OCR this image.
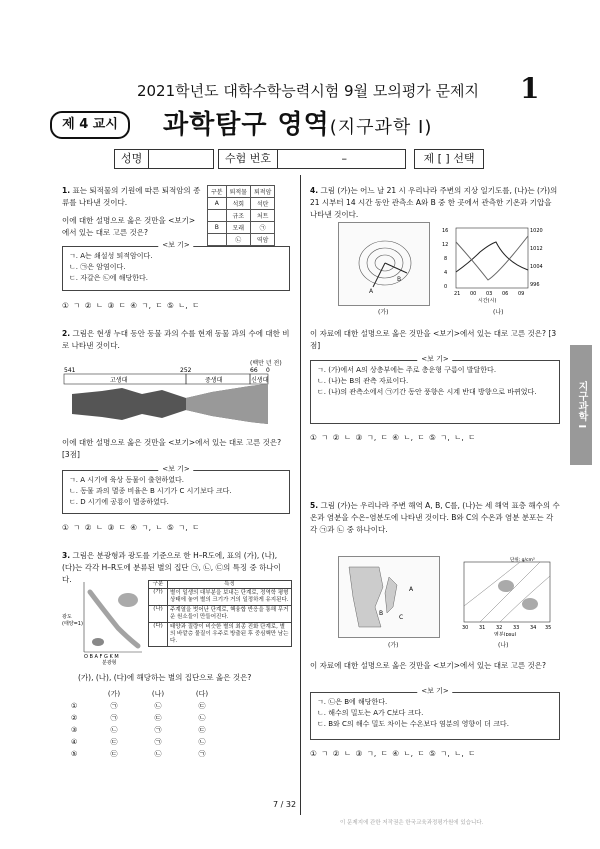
2021학년도 대학수학능력시험 9월 모의평가 문제지	1
제 4 교시	과학탐구 영역(지구과학 I)
성명	수험 번호	–	제 [ ] 선택
지구과학 I
1. 표는 퇴적물의 기원에 따른 퇴적암의 종류를 나타낸 것이다.
이에 대한 설명으로 옳은 것만을 <보기>에서 있는 대로 고른 것은?
구분	퇴적물	퇴적암
A	석회	석탄
	규조	처트
B	모래	㉠
	㉡	역암
<보 기>
ㄱ. A는 쇄설성 퇴적암이다.
ㄴ. ㉠은 암염이다.
ㄷ. 자갈은 ㉡에 해당한다.
① ㄱ ② ㄴ ③ ㄷ ④ ㄱ, ㄷ ⑤ ㄴ, ㄷ
2. 그림은 현생 누대 동안 동물 과의 수를 현재 동물 과의 수에 대한 비로 나타낸 것이다.
(백만 년 전)
541	252	66 0
고생대	중생대	신생대
이에 대한 설명으로 옳은 것만을 <보기>에서 있는 대로 고른 것은? [3점]
<보 기>
ㄱ. A 시기에 육상 동물이 출현하였다.
ㄴ. 동물 과의 멸종 비율은 B 시기가 C 시기보다 크다.
ㄷ. D 시기에 공룡이 멸종하였다.
① ㄱ ② ㄴ ③ ㄷ ④ ㄱ, ㄴ ⑤ ㄱ, ㄷ
3. 그림은 분광형과 광도를 기준으로 한 H–R도에, 표의 (가), (나), (다)는 각각 H–R도에 분류된 별의 집단 ㉠, ㉡, ㉢의 특징 중 하나이다.
광도
(태양=1)
O B A F G K M
분광형
구분	특징
(가)	별이 일생의 대부분을 보내는 단계로, 정역학 평형 상태에 놓여 별의 크기가 거의 일정하게 유지된다.
(나)	주계열을 벗어난 단계로, 핵융합 반응을 통해 무거운 원소들이 만들어진다.
(다)	태양과 질량이 비슷한 별의 최종 진화 단계로, 별의 바깥층 물질이 우주로 방출된 후 중심핵만 남는다.
(가), (나), (다)에 해당하는 별의 집단으로 옳은 것은?
	(가)	(나)	(다)
①	㉠	㉡	㉢
②	㉠	㉢	㉡
③	㉡	㉠	㉢
④	㉢	㉠	㉡
⑤	㉢	㉡	㉠
4. 그림 (가)는 어느 날 21 시 우리나라 주변의 지상 일기도를, (나)는 (가)의 21 시부터 14 시간 동안 관측소 A와 B 중 한 곳에서 관측한 기온과 기압을 나타낸 것이다.
A
B
(가)
16
12
8
4
0
1020
1012
1004
996
21 00 03 06 09
시간(시)
(나)
이 자료에 대한 설명으로 옳은 것만을 <보기>에서 있는 대로 고른 것은? [3점]
<보 기>
ㄱ. (가)에서 A의 상층부에는 주로 층운형 구름이 발달한다.
ㄴ. (나)는 B의 관측 자료이다.
ㄷ. (나)의 관측소에서 ㉠기간 동안 풍향은 시계 반대 방향으로 바뀌었다.
① ㄱ ② ㄴ ③ ㄱ, ㄷ ④ ㄴ, ㄷ ⑤ ㄱ, ㄴ, ㄷ
5. 그림 (가)는 우리나라 주변 해역 A, B, C를, (나)는 세 해역 표층 해수의 수온과 염분을 수온–염분도에 나타낸 것이다. B와 C의 수온과 염분 분포는 각각 ㉠과 ㉡ 중 하나이다.
A
B
C
(가)
단위: g/cm³
30 31 32 33 34 35
염분(psu)
(나)
이 자료에 대한 설명으로 옳은 것만을 <보기>에서 있는 대로 고른 것은?
<보 기>
ㄱ. ㉡은 B에 해당한다.
ㄴ. 해수의 밀도는 A가 C보다 크다.
ㄷ. B와 C의 해수 밀도 차이는 수온보다 염분의 영향이 더 크다.
① ㄱ ② ㄴ ③ ㄱ, ㄷ ④ ㄴ, ㄷ ⑤ ㄱ, ㄴ, ㄷ
7 / 32
이 문제지에 관한 저작권은 한국교육과정평가원에 있습니다.
